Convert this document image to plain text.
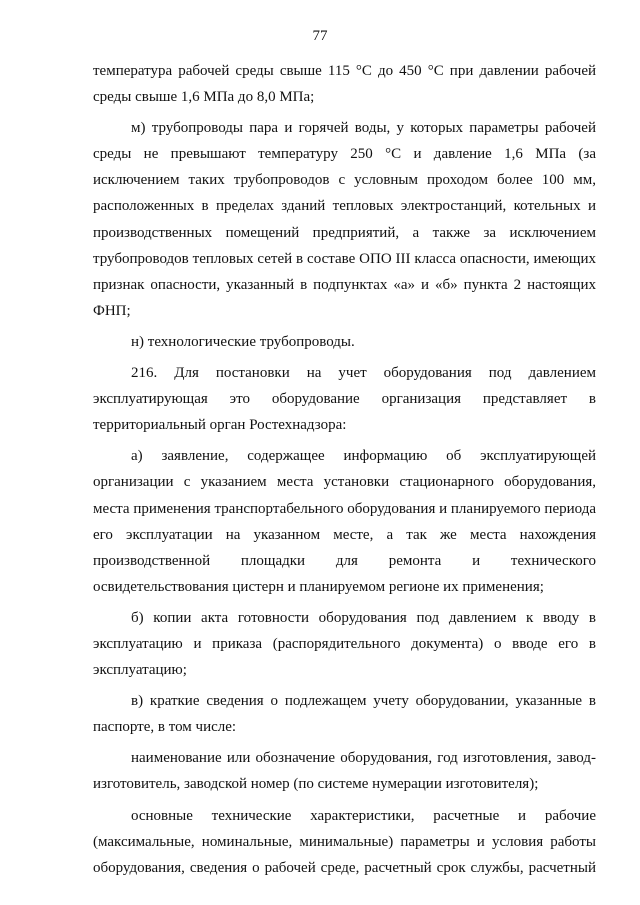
77

температура рабочей среды свыше 115 °С до 450 °С при давлении рабочей среды свыше 1,6 МПа до 8,0 МПа;

м) трубопроводы пара и горячей воды, у которых параметры рабочей среды не превышают температуру 250 °С и давление 1,6 МПа (за исключением таких трубопроводов с условным проходом более 100 мм, расположенных в пределах зданий тепловых электростанций, котельных и производственных помещений предприятий, а также за исключением трубопроводов тепловых сетей в составе ОПО III класса опасности, имеющих признак опасности, указанный в подпунктах «а» и «б» пункта 2 настоящих ФНП;

н) технологические трубопроводы.

216. Для постановки на учет оборудования под давлением эксплуатирующая это оборудование организация представляет в территориальный орган Ростехнадзора:

а) заявление, содержащее информацию об эксплуатирующей организации с указанием места установки стационарного оборудования, места применения транспортабельного оборудования и планируемого периода его эксплуатации на указанном месте, а так же места нахождения производственной площадки для ремонта и технического освидетельствования цистерн и планируемом регионе их применения;

б) копии акта готовности оборудования под давлением к вводу в эксплуатацию и приказа (распорядительного документа) о вводе его в эксплуатацию;

в) краткие сведения о подлежащем учету оборудовании, указанные в паспорте, в том числе:

наименование или обозначение оборудования, год изготовления, завод-изготовитель, заводской номер (по системе нумерации изготовителя);

основные технические характеристики, расчетные и рабочие (максимальные, номинальные, минимальные) параметры и условия работы оборудования, сведения о рабочей среде, расчетный срок службы, расчетный
